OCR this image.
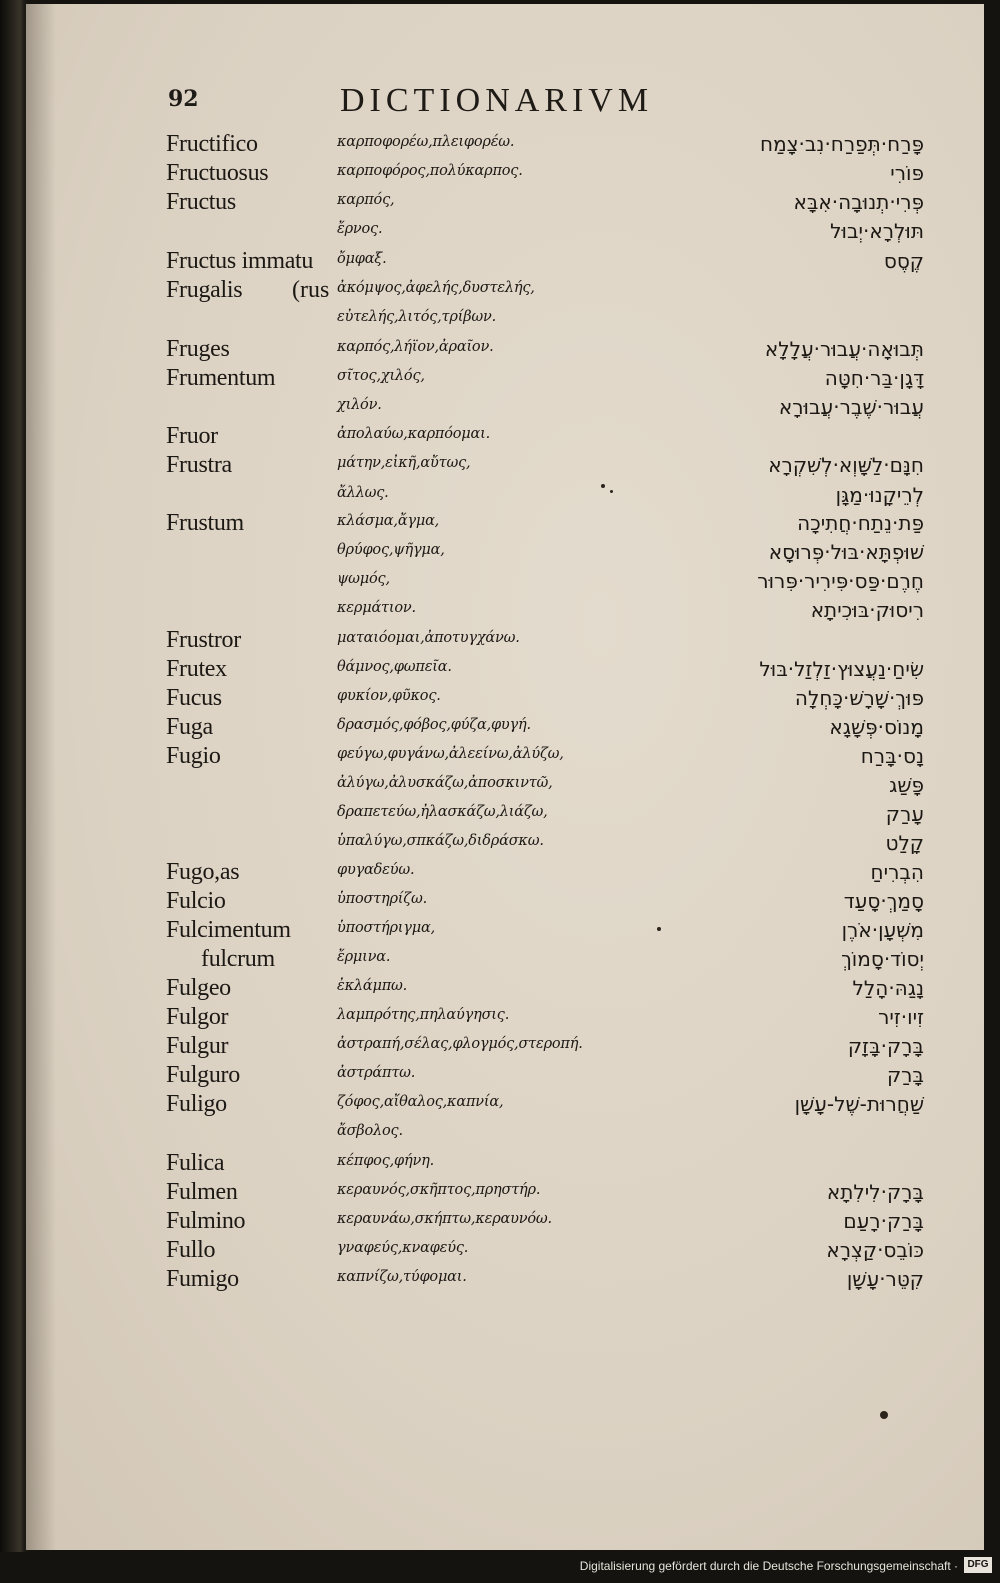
92	DICTIONARIVM
Fructifico	καρποφορέω,πλειφορέω.	פָּרַח·תְּפַרַח·נִב·צָמַח
Fructuosus	καρποφόρος,πολύκαρπος.	פּוֹרִי
Fructus	καρπός,	פְּרִי·תְנוּבָה·אִבָּא
ἔρνος.	תּוּלְרָא·יְבוּל
Fructus immatu ὄμφαξ.	קֶסֶס
Frugalis (rus ἀκόμψος,ἀφελής,δυστελής,
εὐτελής,λιτός,τρίβων.
Fruges	καρπός,λήϊον,ἀραῖον.	תְּבוּאָה·עֲבוּר·עֲלָלָא
Frumentum	σῖτος,χιλός,	דָּגָן·בַּר·חִטָּה
χιλόν.	עֲבוּר·שֶׁבֶר·עֲבוּרָא
Fruor	ἀπολαύω,καρπόομαι.
Frustra	μάτην,εἰκῆ,αὔτως,	חִנָּם·לַשָּׁוְא·לְשִׁקְרָא
ἄλλως.	לְרֵיקָנוּ·מַגָּן
Frustum	κλάσμα,ἄγμα,	פַּת·נֵתַח·חֲתִיכָה
θρύφος,ψῆγμα,	שׁוּפְתָּא·בּוּל·פְּרוּסָא
ψωμός,	חֶרֶם·פַּס·פִּירִיר·פִּרוּר
κερμάτιον.	רִיסוּק·בּוּכִיתָא
Frustror	ματαιόομαι,ἀποτυγχάνω.
Frutex	θάμνος,φωπεῖα.	שִׂיחַ·נַעֲצוּץ·זַלְזַל·בּוּל
Fucus	φυκίον,φῦκος.	פּוּךְ·שָׁרָשׁ·כָּחְלָה
Fuga	δρασμός,φόβος,φύζα,φυγή.	מָנוֹס·פְּשָׁגָא
Fugio	φεύγω,φυγάνω,ἀλεείνω,ἀλύζω,	נָס·בָּרַח
ἀλύγω,ἀλυσκάζω,ἀποσκιντῶ,	פָּשַׁג
δραπετεύω,ἠλασκάζω,λιάζω,	עָרַק
ὑπαλύγω,σπκάζω,διδράσκω.	קָלַט
Fugo,as	φυγαδεύω.	הִבְרִיחַ
Fulcio	ὑποστηρίζω.	סָמַךְ·סָעַד
Fulcimentum	ὑποστήριγμα,	מִשְׁעָן·אֹרֶן
fulcrum	ἔρμινα.	יְסוֹד·סָמוֹךְ
Fulgeo	ἐκλάμπω.	נָגַהּ·הָלַל
Fulgor	λαμπρότης,πηλαύγησις.	זִיו·זִיר
Fulgur	ἀστραπή,σέλας,φλογμός,στεροπή.	בָּרָק·בָּזָק
Fulguro	ἀστράπτω.	בָּרַק
Fuligo	ζόφος,αἴθαλος,καπνία,	שַׁחֲרוּת-שֶׁל-עָשָׁן
ἄσβολος.
Fulica	κέπφος,φήνη.
Fulmen	κεραυνός,σκῆπτος,πρηστήρ.	בָּרָק·לִילִתָא
Fulmino	κεραυνάω,σκήπτω,κεραυνόω.	בָּרַק·רָעַם
Fullo	γναφεύς,κναφεύς.	כּוֹבֵס·קַצְרָא
Fumigo	καπνίζω,τύφομαι.	קִטֵּר·עָשָׁן
Digitalisierung gefördert durch die Deutsche Forschungsgemeinschaft · DFG
